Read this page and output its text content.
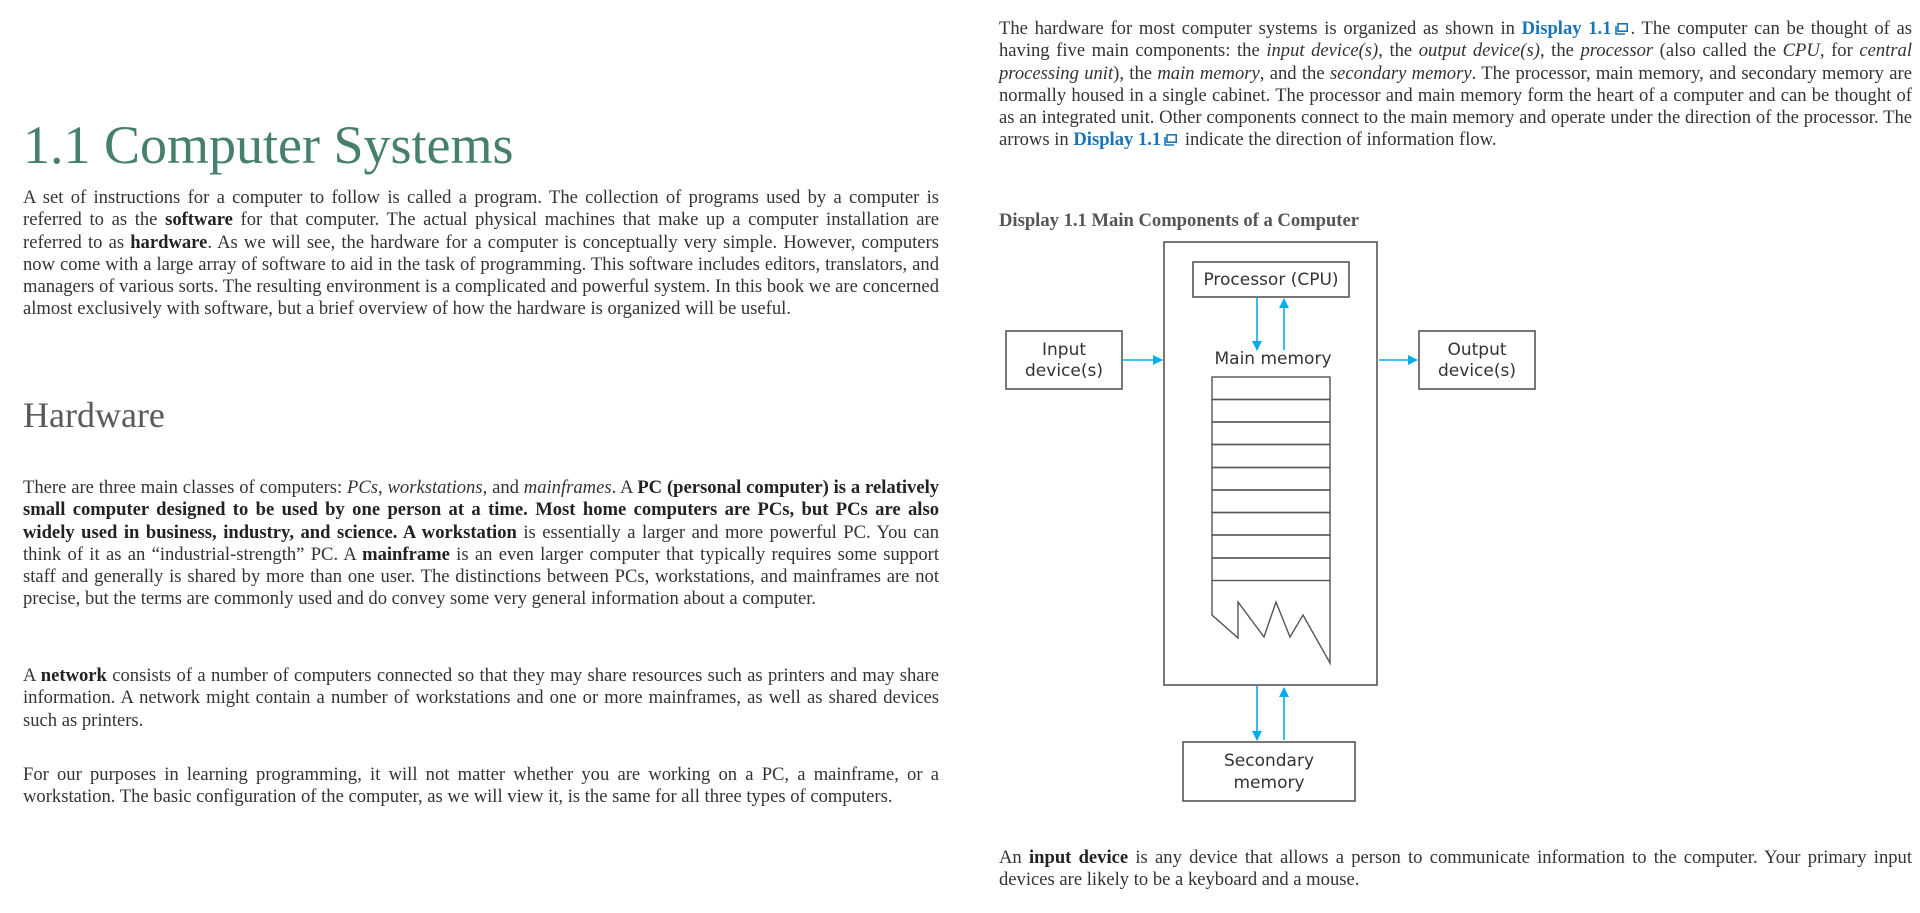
1.1 Computer Systems

A set of instructions for a computer to follow is called a program. The collection of programs used by a computer is referred to as the software for that computer. The actual physical machines that make up a computer installation are referred to as hardware. As we will see, the hardware for a computer is conceptually very simple. However, computers now come with a large array of software to aid in the task of programming. This software includes editors, translators, and managers of various sorts. The resulting environment is a complicated and powerful system. In this book we are concerned almost exclusively with software, but a brief overview of how the hardware is organized will be useful.

Hardware

There are three main classes of computers: PCs, workstations, and mainframes. A PC (personal computer) is a relatively small computer designed to be used by one person at a time. Most home computers are PCs, but PCs are also widely used in business, industry, and science. A workstation is essentially a larger and more powerful PC. You can think of it as an “industrial-strength” PC. A mainframe is an even larger computer that typically requires some support staff and generally is shared by more than one user. The distinctions between PCs, workstations, and mainframes are not precise, but the terms are commonly used and do convey some very general information about a computer.

A network consists of a number of computers connected so that they may share resources such as printers and may share information. A network might contain a number of workstations and one or more mainframes, as well as shared devices such as printers.

For our purposes in learning programming, it will not matter whether you are working on a PC, a mainframe, or a workstation. The basic configuration of the computer, as we will view it, is the same for all three types of computers.

The hardware for most computer systems is organized as shown in Display 1.1 . The computer can be thought of as having five main components: the input device(s), the output device(s), the processor (also called the CPU, for central processing unit), the main memory, and the secondary memory. The processor, main memory, and secondary memory are normally housed in a single cabinet. The processor and main memory form the heart of a computer and can be thought of as an integrated unit. Other components connect to the main memory and operate under the direction of the processor. The arrows in Display 1.1
indicate the direction of information flow.

Display 1.1 Main Components of a Computer

Processor (CPU)
Main memory
Input
device(s)
Output
device(s)
Secondary
memory

An input device is any device that allows a person to communicate information to the computer. Your primary input devices are likely to be a keyboard and a mouse.
